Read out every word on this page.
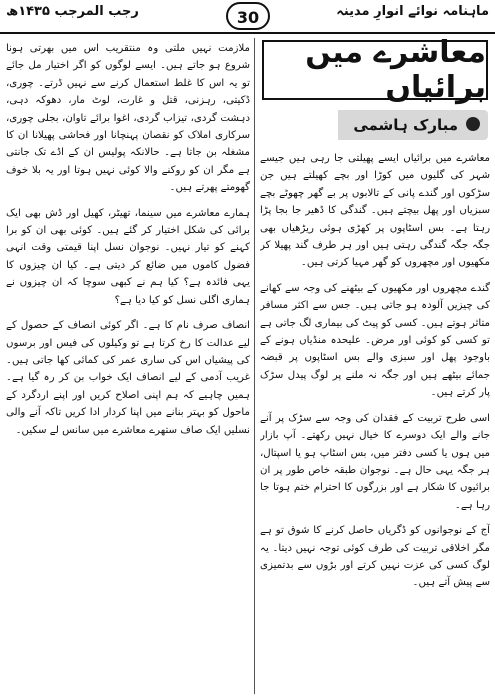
رجب المرجب ۱۴۳۵ھ	30	ماہنامہ نوائے انوارِ مدینہ
معاشرے میں برائیاں
مبارک ہاشمی

معاشرے میں برائیاں ایسے پھیلتی جا رہی ہیں جیسے شہر کی گلیوں میں کوڑا اور بچے کھیلتے ہیں جن سڑکوں اور گندے پانی کے تالابوں پر بے گھر چھوٹے بچے سبزیاں اور پھل بیچتے ہیں۔ گندگی کا ڈھیر جا بجا پڑا رہتا ہے۔ بس اسٹاپوں پر کھڑی ہوئی ریڑھیاں بھی جگہ جگہ گندگی رہتی ہیں اور ہر طرف گند پھیلا کر مکھیوں اور مچھروں کو گھر مہیا کرتی ہیں۔

گندے مچھروں اور مکھیوں کے بیٹھنے کی وجہ سے کھانے کی چیزیں آلودہ ہو جاتی ہیں۔ جس سے اکثر مسافر متاثر ہوتے ہیں۔ کسی کو پیٹ کی بیماری لگ جاتی ہے تو کسی کو کوئی اور مرض۔ علیحدہ منڈیاں ہونے کے باوجود پھل اور سبزی والے بس اسٹاپوں پر قبضہ جمائے بیٹھے ہیں اور جگہ نہ ملنے پر لوگ پیدل سڑک پار کرتے ہیں۔

اسی طرح تربیت کے فقدان کی وجہ سے سڑک پر آنے جانے والے ایک دوسرے کا خیال نہیں رکھتے۔ آپ بازار میں ہوں یا کسی دفتر میں، بس اسٹاپ ہو یا اسپتال، ہر جگہ یہی حال ہے۔ نوجوان طبقہ خاص طور پر ان برائیوں کا شکار ہے اور بزرگوں کا احترام ختم ہوتا جا رہا ہے۔

آج کے نوجوانوں کو ڈگریاں حاصل کرنے کا شوق تو ہے مگر اخلاقی تربیت کی طرف کوئی توجہ نہیں دیتا۔ یہ لوگ کسی کی عزت نہیں کرتے اور بڑوں سے بدتمیزی سے پیش آتے ہیں۔

ملازمت نہیں ملتی وہ منتقریب اس میں بھرتی ہونا شروع ہو جاتے ہیں۔ ایسے لوگوں کو اگر اختیار مل جائے تو یہ اس کا غلط استعمال کرنے سے نہیں ڈرتے۔ چوری، ڈکیتی، رہزنی، قتل و غارت، لوٹ مار، دھوکہ دہی، دہشت گردی، تیزاب گردی، اغوا برائے تاوان، بجلی چوری، سرکاری املاک کو نقصان پہنچانا اور فحاشی پھیلانا ان کا مشغلہ بن جاتا ہے۔ حالانکہ پولیس ان کے اڈے تک جانتی ہے مگر ان کو روکنے والا کوئی نہیں ہوتا اور یہ بلا خوف گھومتے پھرتے ہیں۔

ہمارے معاشرے میں سینما، تھیٹر، کھیل اور ڈش بھی ایک برائی کی شکل اختیار کر گئے ہیں۔ کوئی بھی ان کو برا کہنے کو تیار نہیں۔ نوجوان نسل اپنا قیمتی وقت انہی فضول کاموں میں ضائع کر دیتی ہے۔ کیا ان چیزوں کا یہی فائدہ ہے؟ کیا ہم نے کبھی سوچا کہ ان چیزوں نے ہماری اگلی نسل کو کیا دیا ہے؟

انصاف صرف نام کا ہے۔ اگر کوئی انصاف کے حصول کے لیے عدالت کا رخ کرتا ہے تو وکیلوں کی فیس اور برسوں کی پیشیاں اس کی ساری عمر کی کمائی کھا جاتی ہیں۔ غریب آدمی کے لیے انصاف ایک خواب بن کر رہ گیا ہے۔ ہمیں چاہیے کہ ہم اپنی اصلاح کریں اور اپنے اردگرد کے ماحول کو بہتر بنانے میں اپنا کردار ادا کریں تاکہ آنے والی نسلیں ایک صاف ستھرے معاشرے میں سانس لے سکیں۔
